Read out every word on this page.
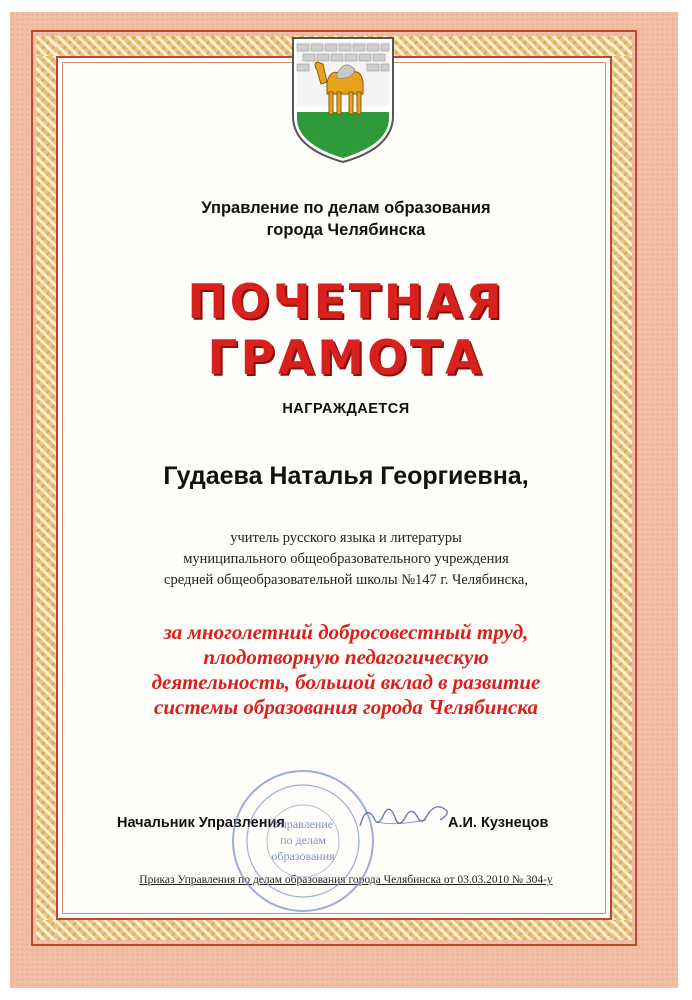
Управление по делам образования
города Челябинска
ПОЧЕТНАЯ
ГРАМОТА
НАГРАЖДАЕТСЯ
Гудаева Наталья Георгиевна,
учитель русского языка и литературы
муниципального общеобразовательного учреждения
средней общеобразовательной школы №147 г. Челябинска,
за многолетний добросовестный труд,
плодотворную педагогическую
деятельность, большой вклад в развитие
системы образования города Челябинска
Начальник Управления	А.И. Кузнецов
Приказ Управления по делам образования города Челябинска от 03.03.2010 № 304-у
Управление
по делам
образования
